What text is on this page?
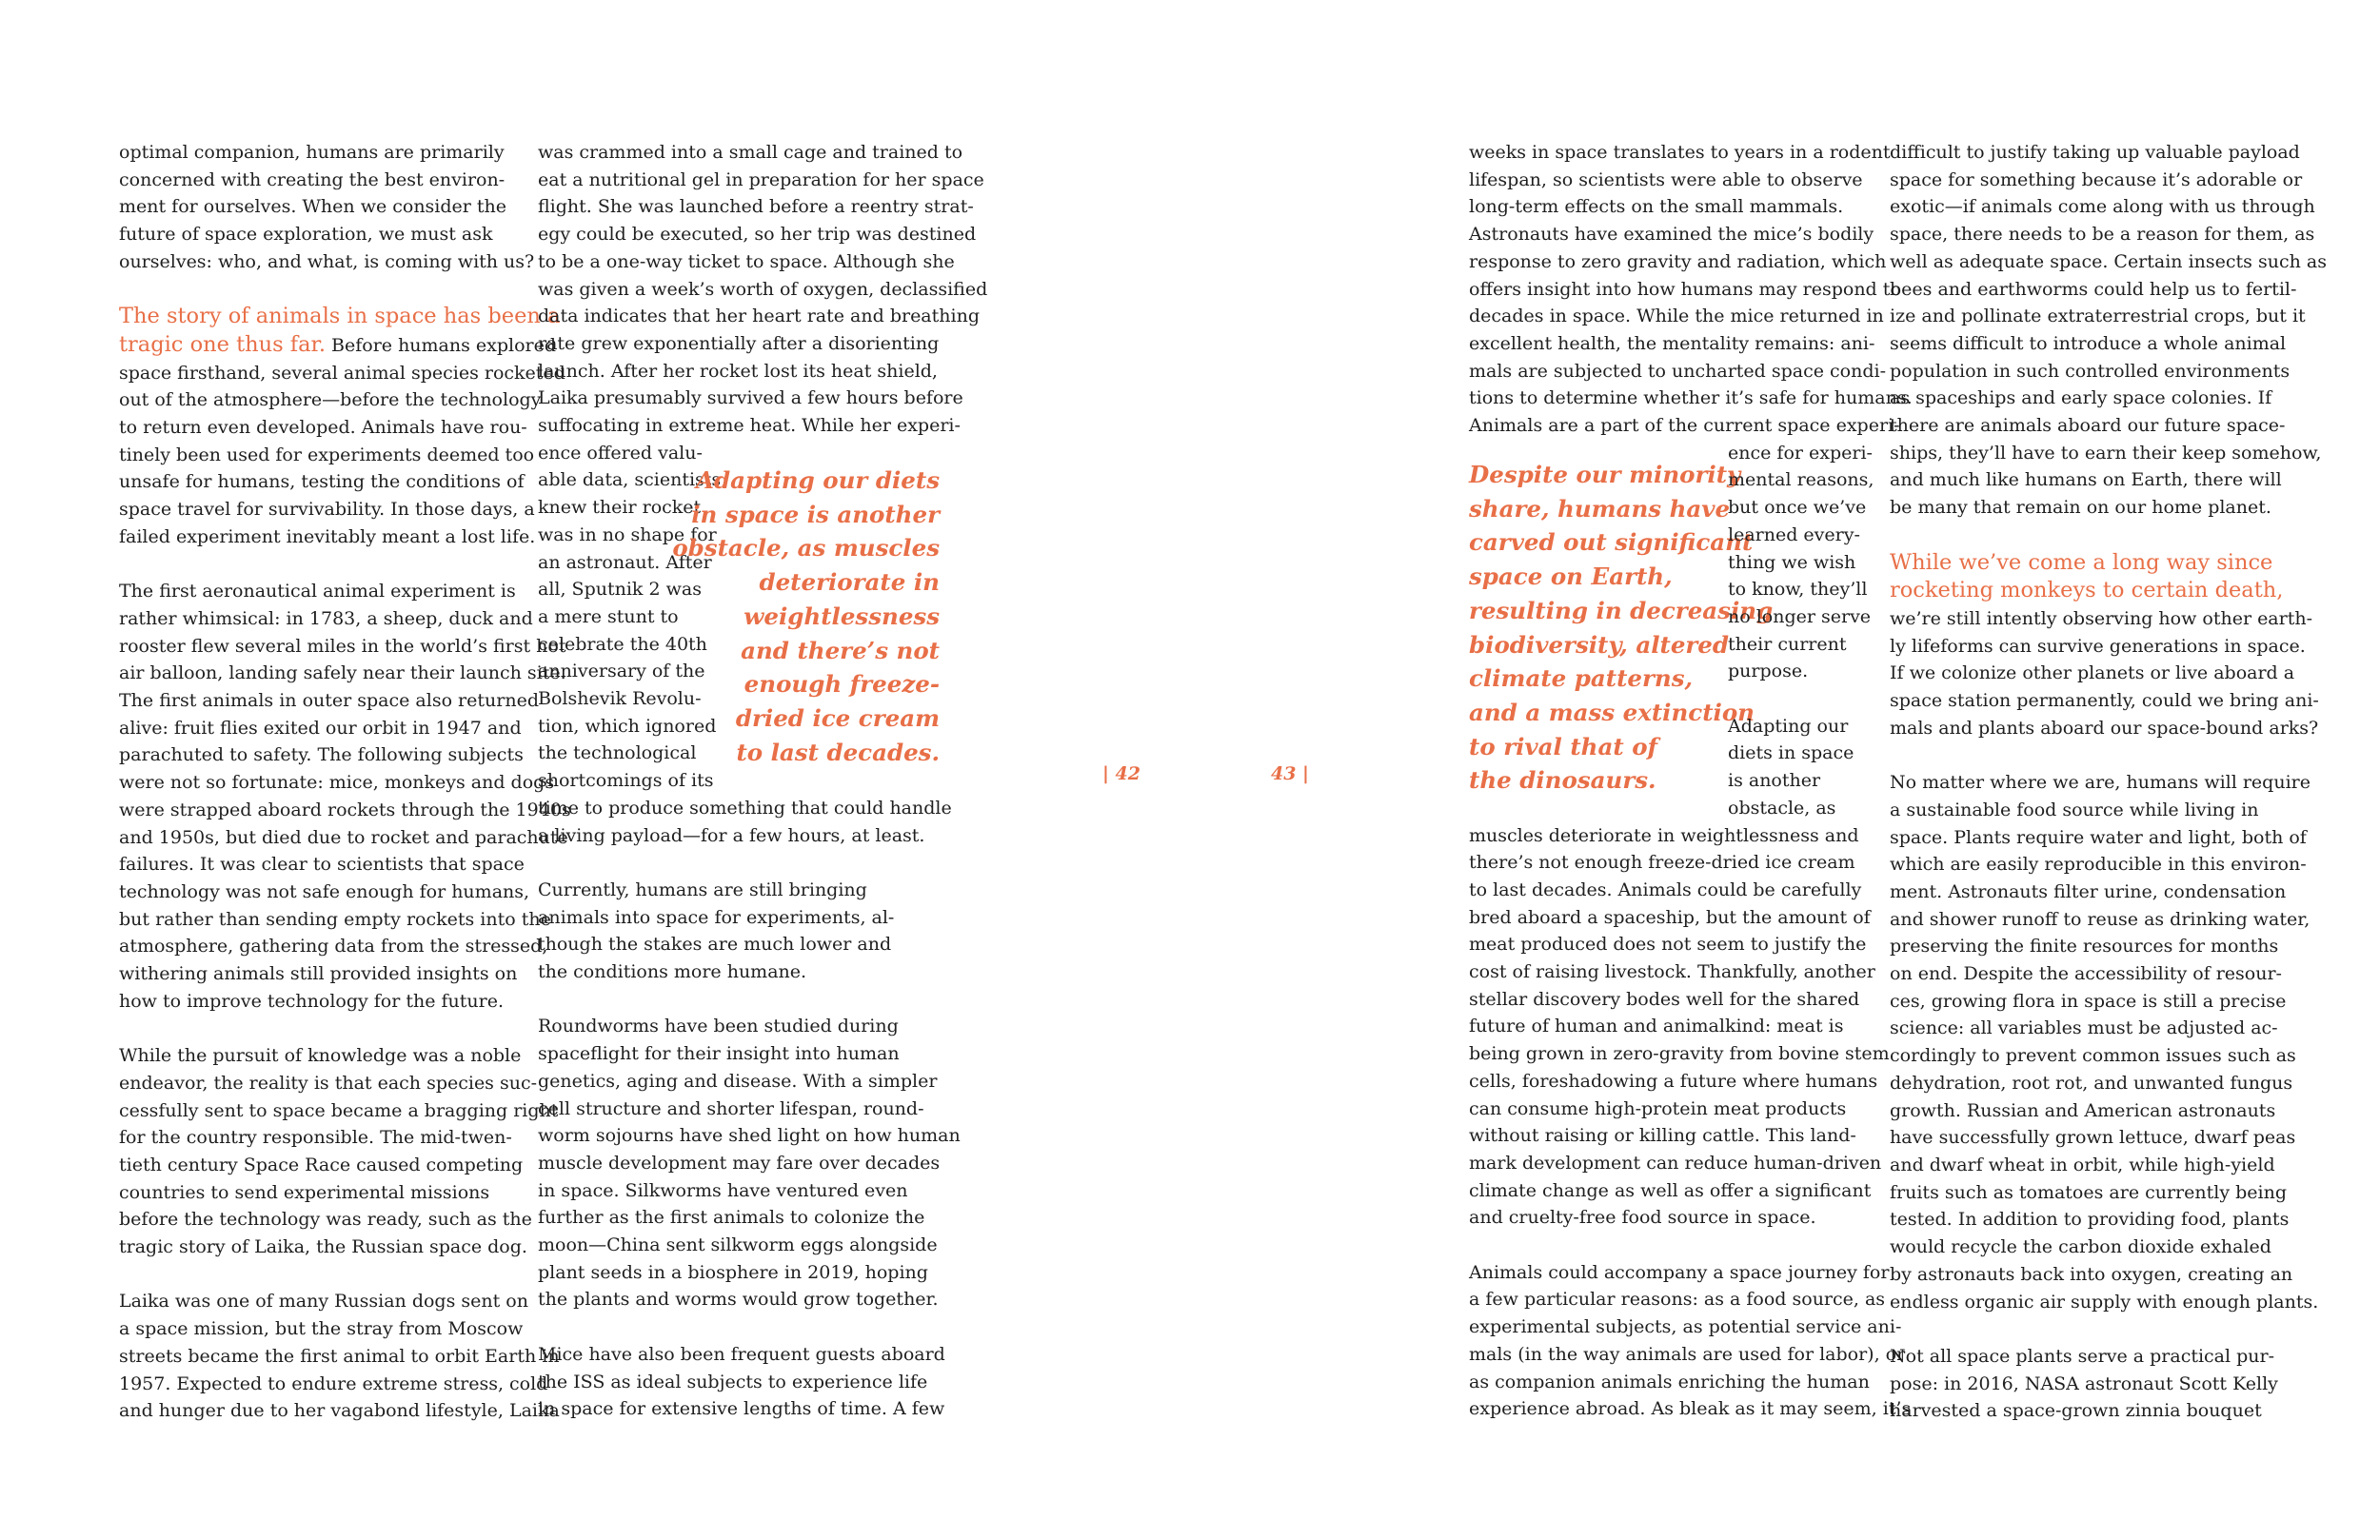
optimal companion, humans are primarily
concerned with creating the best environ-
ment for ourselves. When we consider the
future of space exploration, we must ask
ourselves: who, and what, is coming with us?
The story of animals in space has been a
tragic one thus far. Before humans explored
space firsthand, several animal species rocketed
out of the atmosphere—before the technology
to return even developed. Animals have rou-
tinely been used for experiments deemed too
unsafe for humans, testing the conditions of
space travel for survivability. In those days, a
failed experiment inevitably meant a lost life.
The first aeronautical animal experiment is
rather whimsical: in 1783, a sheep, duck and
rooster flew several miles in the world’s first hot
air balloon, landing safely near their launch site.
The first animals in outer space also returned
alive: fruit flies exited our orbit in 1947 and
parachuted to safety. The following subjects
were not so fortunate: mice, monkeys and dogs
were strapped aboard rockets through the 1940s
and 1950s, but died due to rocket and parachute
failures. It was clear to scientists that space
technology was not safe enough for humans,
but rather than sending empty rockets into the
atmosphere, gathering data from the stressed,
withering animals still provided insights on
how to improve technology for the future.
While the pursuit of knowledge was a noble
endeavor, the reality is that each species suc-
cessfully sent to space became a bragging right
for the country responsible. The mid-twen-
tieth century Space Race caused competing
countries to send experimental missions
before the technology was ready, such as the
tragic story of Laika, the Russian space dog.
Laika was one of many Russian dogs sent on
a space mission, but the stray from Moscow
streets became the first animal to orbit Earth in
1957. Expected to endure extreme stress, cold
and hunger due to her vagabond lifestyle, Laika
was crammed into a small cage and trained to
eat a nutritional gel in preparation for her space
flight. She was launched before a reentry strat-
egy could be executed, so her trip was destined
to be a one-way ticket to space. Although she
was given a week’s worth of oxygen, declassified
data indicates that her heart rate and breathing
rate grew exponentially after a disorienting
launch. After her rocket lost its heat shield,
Laika presumably survived a few hours before
suffocating in extreme heat. While her experi-
ence offered valu-
able data, scientists
knew their rocket
was in no shape for
an astronaut. After
all, Sputnik 2 was
a mere stunt to
celebrate the 40th
anniversary of the
Bolshevik Revolu-
tion, which ignored
the technological
shortcomings of its
time to produce something that could handle
a living payload—for a few hours, at least.
Currently, humans are still bringing
animals into space for experiments, al-
though the stakes are much lower and
the conditions more humane.
Roundworms have been studied during
spaceflight for their insight into human
genetics, aging and disease. With a simpler
cell structure and shorter lifespan, round-
worm sojourns have shed light on how human
muscle development may fare over decades
in space. Silkworms have ventured even
further as the first animals to colonize the
moon—China sent silkworm eggs alongside
plant seeds in a biosphere in 2019, hoping
the plants and worms would grow together.
Mice have also been frequent guests aboard
the ISS as ideal subjects to experience life
in space for extensive lengths of time. A few
Adapting our diets
in space is another
obstacle, as muscles
deteriorate in
weightlessness
and there’s not
enough freeze-
dried ice cream
to last decades.
| 42
weeks in space translates to years in a rodent
lifespan, so scientists were able to observe
long-term effects on the small mammals.
Astronauts have examined the mice’s bodily
response to zero gravity and radiation, which
offers insight into how humans may respond to
decades in space. While the mice returned in
excellent health, the mentality remains: ani-
mals are subjected to uncharted space condi-
tions to determine whether it’s safe for humans.
Animals are a part of the current space experi-
Despite our minority
share, humans have
carved out significant
space on Earth,
resulting in decreasing
biodiversity, altered
climate patterns,
and a mass extinction
to rival that of
the dinosaurs.
ence for experi-
mental reasons,
but once we’ve
learned every-
thing we wish
to know, they’ll
no longer serve
their current
purpose.
Adapting our
diets in space
is another
obstacle, as
muscles deteriorate in weightlessness and
there’s not enough freeze-dried ice cream
to last decades. Animals could be carefully
bred aboard a spaceship, but the amount of
meat produced does not seem to justify the
cost of raising livestock. Thankfully, another
stellar discovery bodes well for the shared
future of human and animalkind: meat is
being grown in zero-gravity from bovine stem
cells, foreshadowing a future where humans
can consume high-protein meat products
without raising or killing cattle. This land-
mark development can reduce human-driven
climate change as well as offer a significant
and cruelty-free food source in space.
Animals could accompany a space journey for
a few particular reasons: as a food source, as
experimental subjects, as potential service ani-
mals (in the way animals are used for labor), or
as companion animals enriching the human
experience abroad. As bleak as it may seem, it’s
difficult to justify taking up valuable payload
space for something because it’s adorable or
exotic—if animals come along with us through
space, there needs to be a reason for them, as
well as adequate space. Certain insects such as
bees and earthworms could help us to fertil-
ize and pollinate extraterrestrial crops, but it
seems difficult to introduce a whole animal
population in such controlled environments
as spaceships and early space colonies. If
there are animals aboard our future space-
ships, they’ll have to earn their keep somehow,
and much like humans on Earth, there will
be many that remain on our home planet.
While we’ve come a long way since
rocketing monkeys to certain death,
we’re still intently observing how other earth-
ly lifeforms can survive generations in space.
If we colonize other planets or live aboard a
space station permanently, could we bring ani-
mals and plants aboard our space-bound arks?
No matter where we are, humans will require
a sustainable food source while living in
space. Plants require water and light, both of
which are easily reproducible in this environ-
ment. Astronauts filter urine, condensation
and shower runoff to reuse as drinking water,
preserving the finite resources for months
on end. Despite the accessibility of resour-
ces, growing flora in space is still a precise
science: all variables must be adjusted ac-
cordingly to prevent common issues such as
dehydration, root rot, and unwanted fungus
growth. Russian and American astronauts
have successfully grown lettuce, dwarf peas
and dwarf wheat in orbit, while high-yield
fruits such as tomatoes are currently being
tested. In addition to providing food, plants
would recycle the carbon dioxide exhaled
by astronauts back into oxygen, creating an
endless organic air supply with enough plants.
Not all space plants serve a practical pur-
pose: in 2016, NASA astronaut Scott Kelly
harvested a space-grown zinnia bouquet
43 |
